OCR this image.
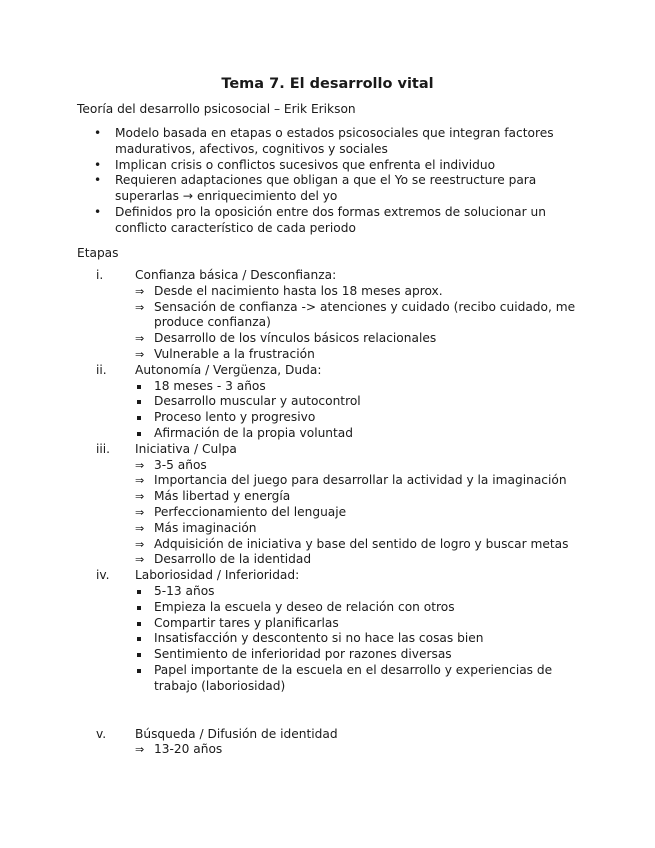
Tema 7. El desarrollo vital
Teoría del desarrollo psicosocial – Erik Erikson
• Modelo basada en etapas o estados psicosociales que integran factores madurativos, afectivos, cognitivos y sociales
• Implican crisis o conflictos sucesivos que enfrenta el individuo
• Requieren adaptaciones que obligan a que el Yo se reestructure para superarlas → enriquecimiento del yo
• Definidos pro la oposición entre dos formas extremos de solucionar un conflicto característico de cada periodo
Etapas
i.	Confianza básica / Desconfianza:
⇒ Desde el nacimiento hasta los 18 meses aprox.
⇒ Sensación de confianza -> atenciones y cuidado (recibo cuidado, me produce confianza)
⇒ Desarrollo de los vínculos básicos relacionales
⇒ Vulnerable a la frustración
ii. Autonomía / Vergüenza, Duda:
18 meses - 3 años
Desarrollo muscular y autocontrol
Proceso lento y progresivo
Afirmación de la propia voluntad
iii. Iniciativa / Culpa
⇒ 3-5 años
⇒ Importancia del juego para desarrollar la actividad y la imaginación
⇒ Más libertad y energía
⇒ Perfeccionamiento del lenguaje
⇒ Más imaginación
⇒ Adquisición de iniciativa y base del sentido de logro y buscar metas
⇒ Desarrollo de la identidad
iv. Laboriosidad / Inferioridad:
5-13 años
Empieza la escuela y deseo de relación con otros
Compartir tares y planificarlas
Insatisfacción y descontento si no hace las cosas bien
Sentimiento de inferioridad por razones diversas
Papel importante de la escuela en el desarrollo y experiencias de trabajo (laboriosidad)
v. Búsqueda / Difusión de identidad
⇒ 13-20 años
